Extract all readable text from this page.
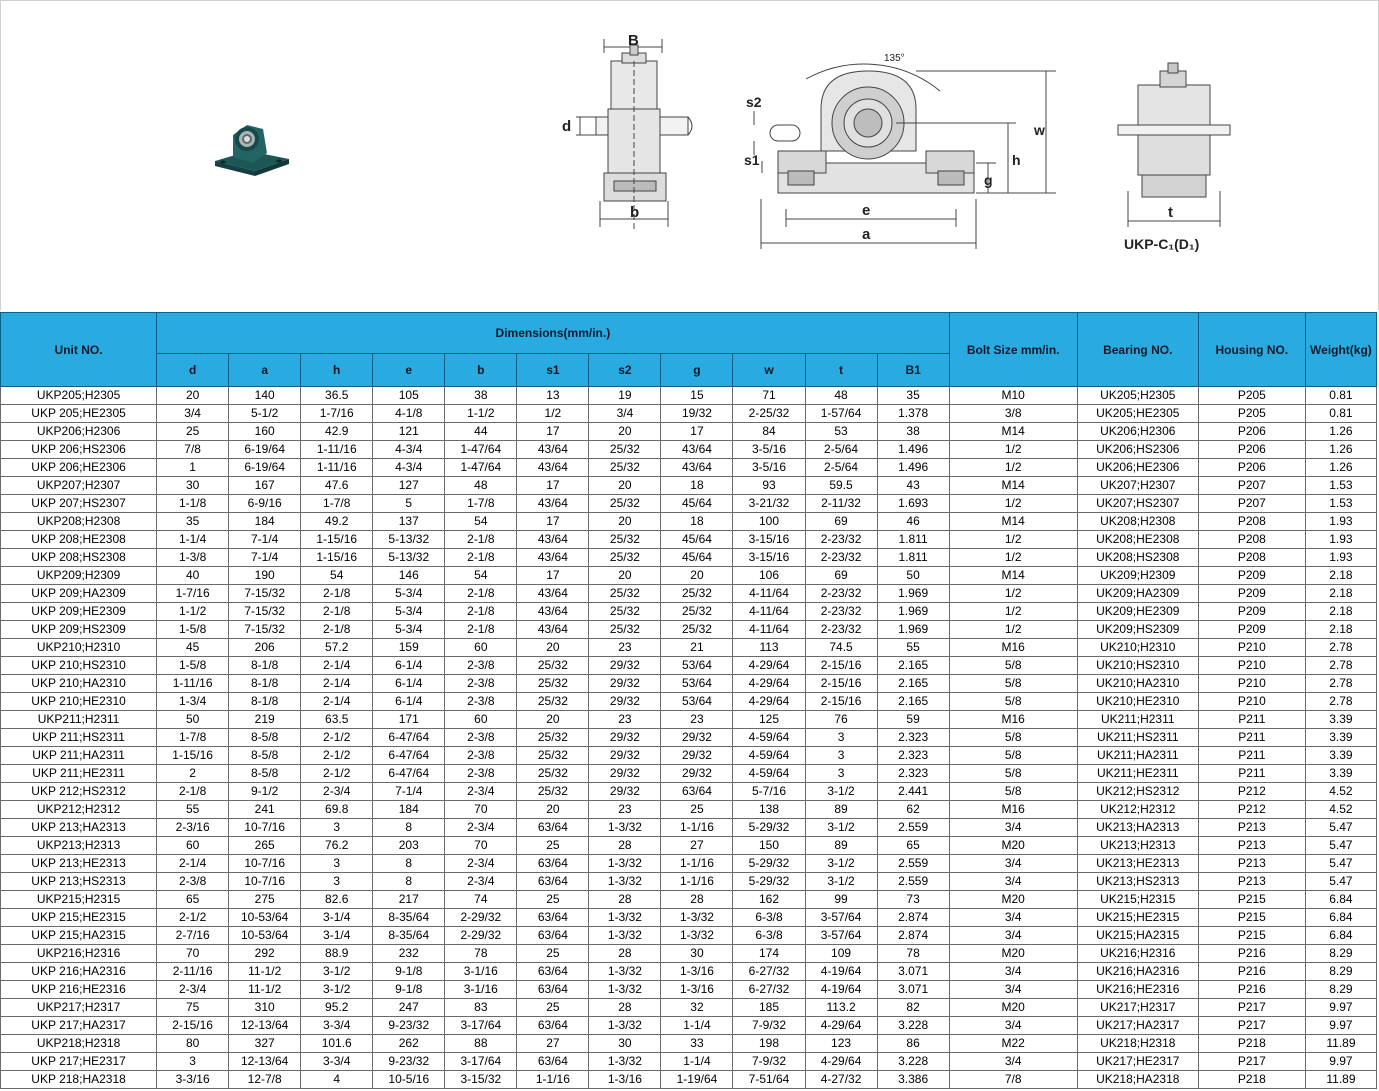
B
d
b
135°
s2
s1
w
h
g
e
a
t
UKP-C₁(D₁)
Unit NO.	Dimensions(mm/in.)											Bolt Size mm/in.	Bearing NO.	Housing NO.	Weight(kg)
	d	a	h	e	b	s1	s2	g	w	t	B1				
UKP205;H2305	20	140	36.5	105	38	13	19	15	71	48	35	M10	UK205;H2305	P205	0.81
UKP 205;HE2305	3/4	5-1/2	1-7/16	4-1/8	1-1/2	1/2	3/4	19/32	2-25/32	1-57/64	1.378	3/8	UK205;HE2305	P205	0.81
UKP206;H2306	25	160	42.9	121	44	17	20	17	84	53	38	M14	UK206;H2306	P206	1.26
UKP 206;HS2306	7/8	6-19/64	1-11/16	4-3/4	1-47/64	43/64	25/32	43/64	3-5/16	2-5/64	1.496	1/2	UK206;HS2306	P206	1.26
UKP 206;HE2306	1	6-19/64	1-11/16	4-3/4	1-47/64	43/64	25/32	43/64	3-5/16	2-5/64	1.496	1/2	UK206;HE2306	P206	1.26
UKP207;H2307	30	167	47.6	127	48	17	20	18	93	59.5	43	M14	UK207;H2307	P207	1.53
UKP 207;HS2307	1-1/8	6-9/16	1-7/8	5	1-7/8	43/64	25/32	45/64	3-21/32	2-11/32	1.693	1/2	UK207;HS2307	P207	1.53
UKP208;H2308	35	184	49.2	137	54	17	20	18	100	69	46	M14	UK208;H2308	P208	1.93
UKP 208;HE2308	1-1/4	7-1/4	1-15/16	5-13/32	2-1/8	43/64	25/32	45/64	3-15/16	2-23/32	1.811	1/2	UK208;HE2308	P208	1.93
UKP 208;HS2308	1-3/8	7-1/4	1-15/16	5-13/32	2-1/8	43/64	25/32	45/64	3-15/16	2-23/32	1.811	1/2	UK208;HS2308	P208	1.93
UKP209;H2309	40	190	54	146	54	17	20	20	106	69	50	M14	UK209;H2309	P209	2.18
UKP 209;HA2309	1-7/16	7-15/32	2-1/8	5-3/4	2-1/8	43/64	25/32	25/32	4-11/64	2-23/32	1.969	1/2	UK209;HA2309	P209	2.18
UKP 209;HE2309	1-1/2	7-15/32	2-1/8	5-3/4	2-1/8	43/64	25/32	25/32	4-11/64	2-23/32	1.969	1/2	UK209;HE2309	P209	2.18
UKP 209;HS2309	1-5/8	7-15/32	2-1/8	5-3/4	2-1/8	43/64	25/32	25/32	4-11/64	2-23/32	1.969	1/2	UK209;HS2309	P209	2.18
UKP210;H2310	45	206	57.2	159	60	20	23	21	113	74.5	55	M16	UK210;H2310	P210	2.78
UKP 210;HS2310	1-5/8	8-1/8	2-1/4	6-1/4	2-3/8	25/32	29/32	53/64	4-29/64	2-15/16	2.165	5/8	UK210;HS2310	P210	2.78
UKP 210;HA2310	1-11/16	8-1/8	2-1/4	6-1/4	2-3/8	25/32	29/32	53/64	4-29/64	2-15/16	2.165	5/8	UK210;HA2310	P210	2.78
UKP 210;HE2310	1-3/4	8-1/8	2-1/4	6-1/4	2-3/8	25/32	29/32	53/64	4-29/64	2-15/16	2.165	5/8	UK210;HE2310	P210	2.78
UKP211;H2311	50	219	63.5	171	60	20	23	23	125	76	59	M16	UK211;H2311	P211	3.39
UKP 211;HS2311	1-7/8	8-5/8	2-1/2	6-47/64	2-3/8	25/32	29/32	29/32	4-59/64	3	2.323	5/8	UK211;HS2311	P211	3.39
UKP 211;HA2311	1-15/16	8-5/8	2-1/2	6-47/64	2-3/8	25/32	29/32	29/32	4-59/64	3	2.323	5/8	UK211;HA2311	P211	3.39
UKP 211;HE2311	2	8-5/8	2-1/2	6-47/64	2-3/8	25/32	29/32	29/32	4-59/64	3	2.323	5/8	UK211;HE2311	P211	3.39
UKP 212;HS2312	2-1/8	9-1/2	2-3/4	7-1/4	2-3/4	25/32	29/32	63/64	5-7/16	3-1/2	2.441	5/8	UK212;HS2312	P212	4.52
UKP212;H2312	55	241	69.8	184	70	20	23	25	138	89	62	M16	UK212;H2312	P212	4.52
UKP 213;HA2313	2-3/16	10-7/16	3	8	2-3/4	63/64	1-3/32	1-1/16	5-29/32	3-1/2	2.559	3/4	UK213;HA2313	P213	5.47
UKP213;H2313	60	265	76.2	203	70	25	28	27	150	89	65	M20	UK213;H2313	P213	5.47
UKP 213;HE2313	2-1/4	10-7/16	3	8	2-3/4	63/64	1-3/32	1-1/16	5-29/32	3-1/2	2.559	3/4	UK213;HE2313	P213	5.47
UKP 213;HS2313	2-3/8	10-7/16	3	8	2-3/4	63/64	1-3/32	1-1/16	5-29/32	3-1/2	2.559	3/4	UK213;HS2313	P213	5.47
UKP215;H2315	65	275	82.6	217	74	25	28	28	162	99	73	M20	UK215;H2315	P215	6.84
UKP 215;HE2315	2-1/2	10-53/64	3-1/4	8-35/64	2-29/32	63/64	1-3/32	1-3/32	6-3/8	3-57/64	2.874	3/4	UK215;HE2315	P215	6.84
UKP 215;HA2315	2-7/16	10-53/64	3-1/4	8-35/64	2-29/32	63/64	1-3/32	1-3/32	6-3/8	3-57/64	2.874	3/4	UK215;HA2315	P215	6.84
UKP216;H2316	70	292	88.9	232	78	25	28	30	174	109	78	M20	UK216;H2316	P216	8.29
UKP 216;HA2316	2-11/16	11-1/2	3-1/2	9-1/8	3-1/16	63/64	1-3/32	1-3/16	6-27/32	4-19/64	3.071	3/4	UK216;HA2316	P216	8.29
UKP 216;HE2316	2-3/4	11-1/2	3-1/2	9-1/8	3-1/16	63/64	1-3/32	1-3/16	6-27/32	4-19/64	3.071	3/4	UK216;HE2316	P216	8.29
UKP217;H2317	75	310	95.2	247	83	25	28	32	185	113.2	82	M20	UK217;H2317	P217	9.97
UKP 217;HA2317	2-15/16	12-13/64	3-3/4	9-23/32	3-17/64	63/64	1-3/32	1-1/4	7-9/32	4-29/64	3.228	3/4	UK217;HA2317	P217	9.97
UKP218;H2318	80	327	101.6	262	88	27	30	33	198	123	86	M22	UK218;H2318	P218	11.89
UKP 217;HE2317	3	12-13/64	3-3/4	9-23/32	3-17/64	63/64	1-3/32	1-1/4	7-9/32	4-29/64	3.228	3/4	UK217;HE2317	P217	9.97
UKP 218;HA2318	3-3/16	12-7/8	4	10-5/16	3-15/32	1-1/16	1-3/16	1-19/64	7-51/64	4-27/32	3.386	7/8	UK218;HA2318	P218	11.89
